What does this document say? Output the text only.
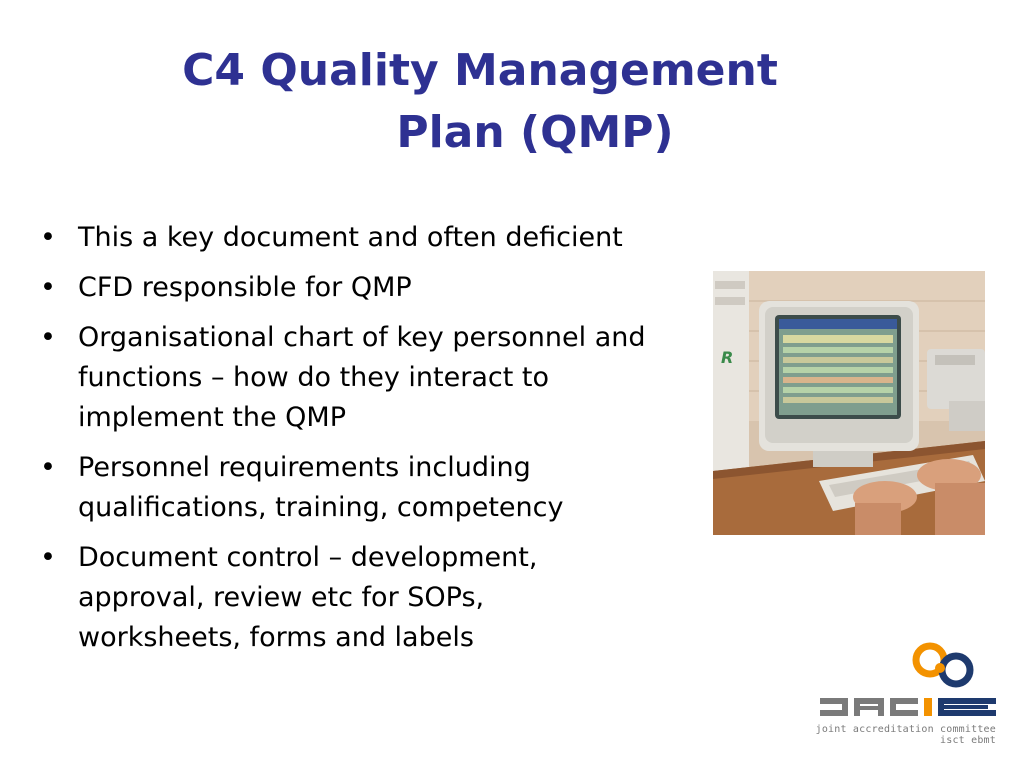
C4 Quality Management
Plan (QMP)
• This a key document and often deficient
• CFD responsible for QMP
• Organisational chart of key personnel and
functions – how do they interact to
implement the QMP
• Personnel requirements including
qualifications, training, competency
• Document control – development,
approval, review etc for SOPs,
worksheets, forms and labels
R
joint accreditation committee
isct ebmt
